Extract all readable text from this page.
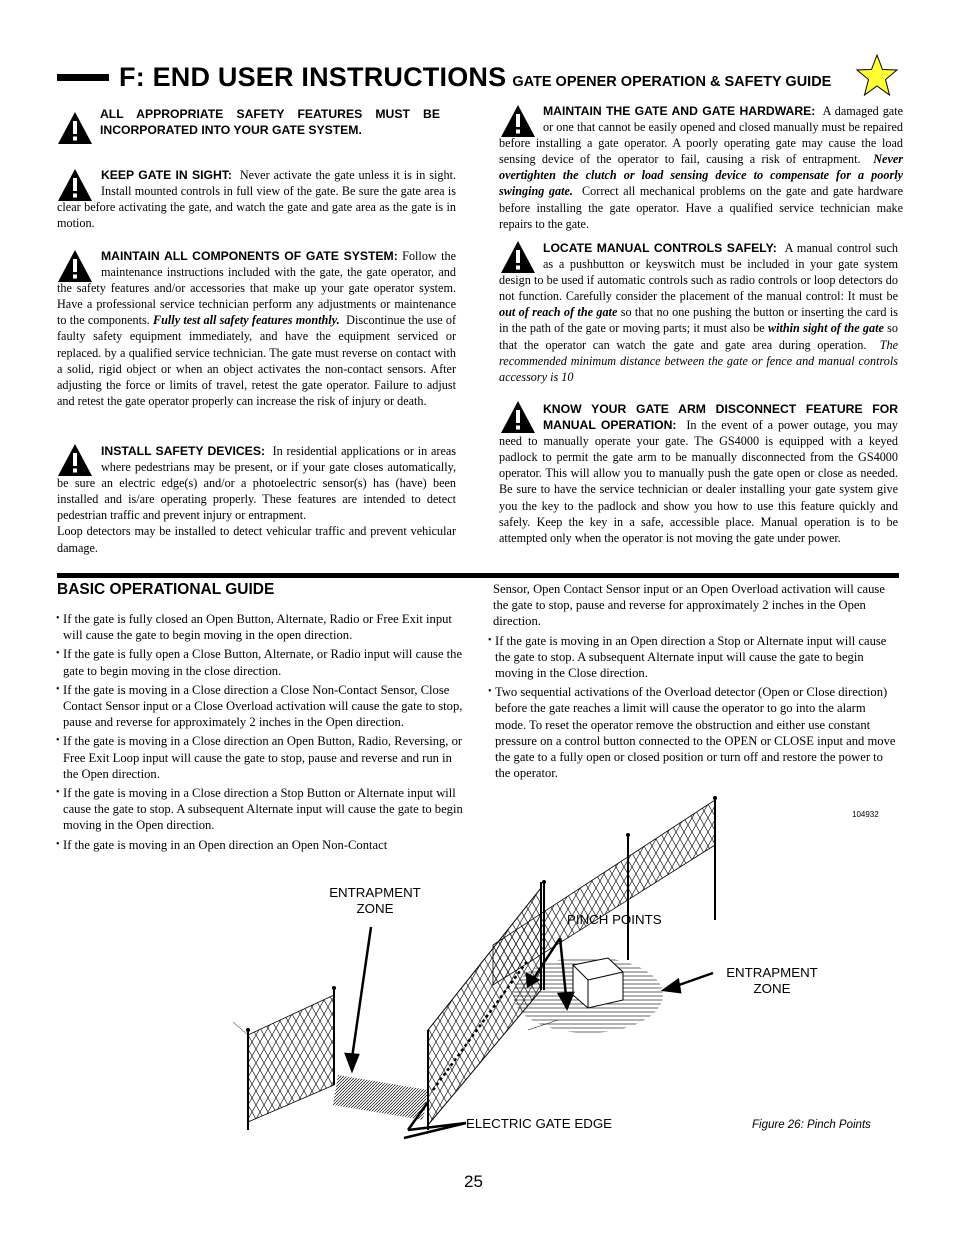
F: END USER INSTRUCTIONS GATE OPENER OPERATION & SAFETY GUIDE
ALL APPROPRIATE SAFETY FEATURES MUST BE INCORPORATED INTO YOUR GATE SYSTEM.
KEEP GATE IN SIGHT: Never activate the gate unless it is in sight. Install mounted controls in full view of the gate. Be sure the gate area is clear before activating the gate, and watch the gate and gate area as the gate is in motion.
MAINTAIN ALL COMPONENTS OF GATE SYSTEM: Follow the maintenance instructions included with the gate, the gate operator, and the safety features and/or accessories that make up your gate operator system. Have a professional service technician perform any adjustments or maintenance to the components. Fully test all safety features monthly. Discontinue the use of faulty safety equipment immediately, and have the equipment serviced or replaced. by a qualified service technician. The gate must reverse on contact with a solid, rigid object or when an object activates the non-contact sensors. After adjusting the force or limits of travel, retest the gate operator. Failure to adjust and retest the gate operator properly can increase the risk of injury or death.
INSTALL SAFETY DEVICES: In residential applications or in areas where pedestrians may be present, or if your gate closes automatically, be sure an electric edge(s) and/or a photoelectric sensor(s) has (have) been installed and is/are operating properly. These features are intended to detect pedestrian traffic and prevent injury or entrapment.
Loop detectors may be installed to detect vehicular traffic and prevent vehicular damage.
MAINTAIN THE GATE AND GATE HARDWARE: A damaged gate or one that cannot be easily opened and closed manually must be repaired before installing a gate operator. A poorly operating gate may cause the load sensing device of the operator to fail, causing a risk of entrapment. Never overtighten the clutch or load sensing device to compensate for a poorly swinging gate. Correct all mechanical problems on the gate and gate hardware before installing the gate operator. Have a qualified service technician make repairs to the gate.
LOCATE MANUAL CONTROLS SAFELY: A manual control such as a pushbutton or keyswitch must be included in your gate system design to be used if automatic controls such as radio controls or loop detectors do not function. Carefully consider the placement of the manual control: It must be out of reach of the gate so that no one pushing the button or inserting the card is in the path of the gate or moving parts; it must also be within sight of the gate so that the operator can watch the gate and gate area during operation. The recommended minimum distance between the gate or fence and manual controls accessory is 10
KNOW YOUR GATE ARM DISCONNECT FEATURE FOR MANUAL OPERATION: In the event of a power outage, you may need to manually operate your gate. The GS4000 is equipped with a keyed padlock to permit the gate arm to be manually disconnected from the GS4000 operator. This will allow you to manually push the gate open or close as needed. Be sure to have the service technician or dealer installing your gate system give you the key to the padlock and show you how to use this feature quickly and safely. Keep the key in a safe, accessible place. Manual operation is to be attempted only when the operator is not moving the gate under power.
BASIC OPERATIONAL GUIDE
• If the gate is fully closed an Open Button, Alternate, Radio or Free Exit input will cause the gate to begin moving in the open direction.
• If the gate is fully open a Close Button, Alternate, or Radio input will cause the gate to begin moving in the close direction.
• If the gate is moving in a Close direction a Close Non-Contact Sensor, Close Contact Sensor input or a Close Overload activation will cause the gate to stop, pause and reverse for approximately 2 inches in the Open direction.
• If the gate is moving in a Close direction an Open Button, Radio, Reversing, or Free Exit Loop input will cause the gate to stop, pause and reverse and run in the Open direction.
• If the gate is moving in a Close direction a Stop Button or Alternate input will cause the gate to stop. A subsequent Alternate input will cause the gate to begin moving in the Open direction.
• If the gate is moving in an Open direction an Open Non-Contact
Sensor, Open Contact Sensor input or an Open Overload activation will cause the gate to stop, pause and reverse for approximately 2 inches in the Open direction.
• If the gate is moving in an Open direction a Stop or Alternate input will cause the gate to stop. A subsequent Alternate input will cause the gate to begin moving in the Close direction.
• Two sequential activations of the Overload detector (Open or Close direction) before the gate reaches a limit will cause the operator to go into the alarm mode. To reset the operator remove the obstruction and either use constant pressure on a control button connected to the OPEN or CLOSE input and move the gate to a fully open or closed position or turn off and restore the power to the operator.
104932
ENTRAPMENT ZONE
PINCH POINTS
ENTRAPMENT ZONE
ELECTRIC GATE EDGE	Figure 26: Pinch Points
25
